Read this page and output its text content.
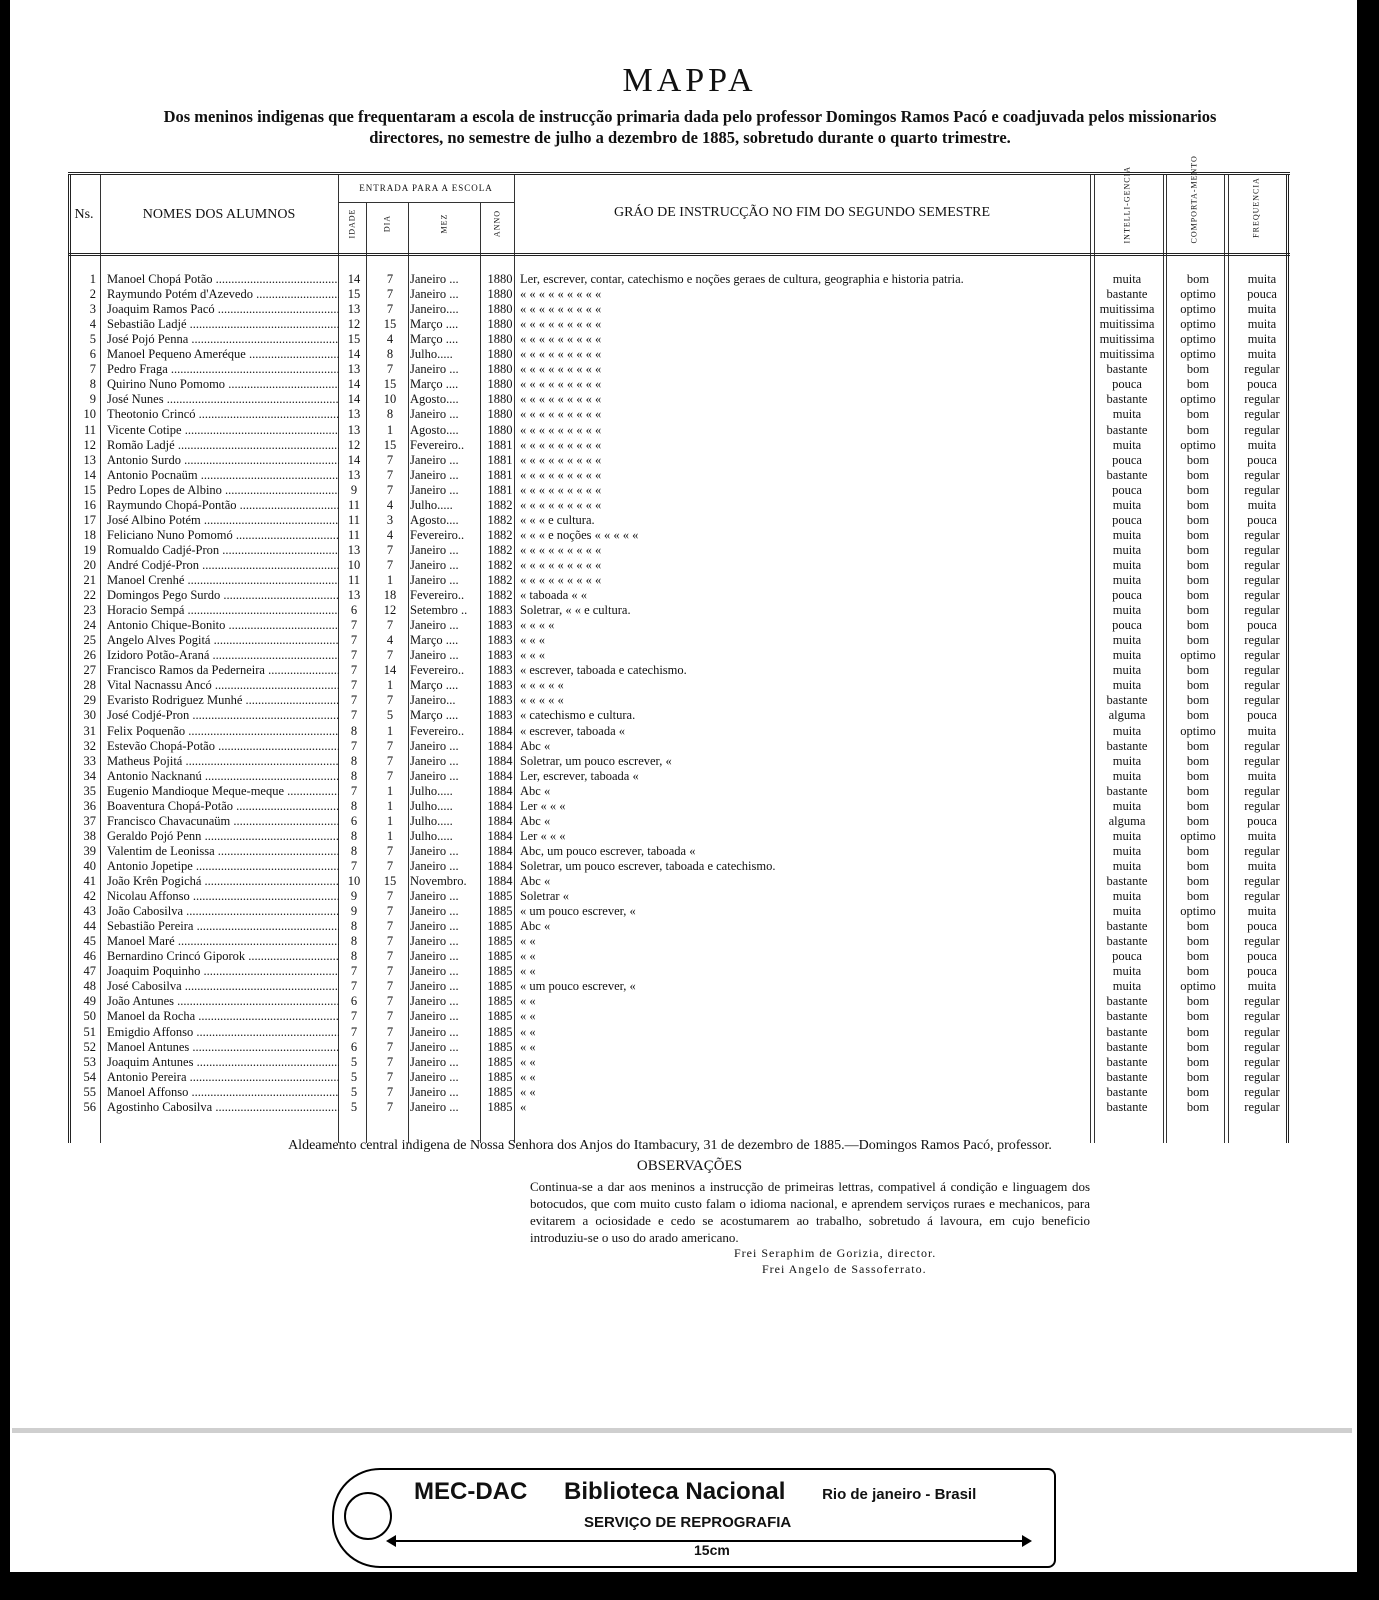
MAPPA
Dos meninos indigenas que frequentaram a escola de instrucção primaria dada pelo professor Domingos Ramos Pacó e coadjuvada pelos missionarios directores, no semestre de julho a dezembro de 1885, sobretudo durante o quarto trimestre.
Ns.	NOMES DOS ALUMNOS
ENTRADA PARA A ESCOLA
IDADE	DIA	MEZ	ANNO	GRÁO DE INSTRUCÇÃO NO FIM DO SEGUNDO SEMESTRE	INTELLI-GENCIA	COMPORTA-MENTO	FREQUENCIA
1 Manoel Chopá Potão .....	14	7	Janeiro ...	1880 Ler, escrever, contar, catechismo e noções geraes de cultura, geographia e historia patria.	muita	bom	muita
2 Raymundo Potém d'Azevedo .....	15	7	Janeiro ...	1880 « « « « « « « « «	bastante	optimo	pouca
3 Joaquim Ramos Pacó .....	13	7	Janeiro....	1880 « « « « « « « « «	muitissima	optimo	muita
4 Sebastião Ladjé .....	12	15	Março ....	1880 « « « « « « « « «	muitissima	optimo	muita
5 José Pojó Penna .....	15	4	Março ....	1880 « « « « « « « « «	muitissima	optimo	muita
6 Manoel Pequeno Ameréque .....	14	8	Julho.....	1880 « « « « « « « « «	muitissima	optimo	muita
7 Pedro Fraga .....	13	7	Janeiro ...	1880 « « « « « « « « «	bastante	bom	regular
8 Quirino Nuno Pomomo .....	14	15	Março ....	1880 « « « « « « « « «	pouca	bom	pouca
9 José Nunes .....	14	10	Agosto....	1880 « « « « « « « « «	bastante	optimo	regular
10 Theotonio Crincó .....	13	8	Janeiro ...	1880 « « « « « « « « «	muita	bom	regular
11 Vicente Cotipe .....	13	1	Agosto....	1880 « « « « « « « « «	bastante	bom	regular
12 Romão Ladjé .....	12	15	Fevereiro..	1881 « « « « « « « « «	muita	optimo	muita
13 Antonio Surdo .....	14	7	Janeiro ...	1881 « « « « « « « « «	pouca	bom	pouca
14 Antonio Pocnaüm .....	13	7	Janeiro ...	1881 « « « « « « « « «	bastante	bom	regular
15 Pedro Lopes de Albino .....	9	7	Janeiro ...	1881 « « « « « « « « «	pouca	bom	regular
16 Raymundo Chopá-Pontão .....	11	4	Julho.....	1882 « « « « « « « « «	muita	bom	muita
17 José Albino Potém .....	11	3	Agosto....	1882 « « « e cultura.	pouca	bom	pouca
18 Feliciano Nuno Pomomó .....	11	4	Fevereiro..	1882 « « « e noções « « « « «	muita	bom	regular
19 Romualdo Cadjé-Pron .....	13	7	Janeiro ...	1882 « « « « « « « « «	muita	bom	regular
20 André Codjé-Pron .....	10	7	Janeiro ...	1882 « « « « « « « « «	muita	bom	regular
21 Manoel Crenhé .....	11	1	Janeiro ...	1882 « « « « « « « « «	muita	bom	regular
22 Domingos Pego Surdo .....	13	18	Fevereiro..	1882 « taboada « «	pouca	bom	regular
23 Horacio Sempá .....	6	12	Setembro ..	1883 Soletrar, « « e cultura.	muita	bom	regular
24 Antonio Chique-Bonito .....	7	7	Janeiro ...	1883 « « « «	pouca	bom	pouca
25 Angelo Alves Pogitá .....	7	4	Março ....	1883 « « «	muita	bom	regular
26 Izidoro Potão-Araná .....	7	7	Janeiro ...	1883 « « «	muita	optimo	regular
27 Francisco Ramos da Pederneira .....	7	14	Fevereiro..	1883 « escrever, taboada e catechismo.	muita	bom	regular
28 Vital Nacnassu Ancó .....	7	1	Março ....	1883 « « « « «	muita	bom	regular
29 Evaristo Rodriguez Munhé .....	7	7	Janeiro...	1883 « « « « «	bastante	bom	regular
30 José Codjé-Pron .....	7	5	Março ....	1883 « catechismo e cultura.	alguma	bom	pouca
31 Felix Poquenão .....	8	1	Fevereiro..	1884 « escrever, taboada «	muita	optimo	muita
32 Estevão Chopá-Potão .....	7	7	Janeiro ...	1884 Abc «	bastante	bom	regular
33 Matheus Pojitá .....	8	7	Janeiro ...	1884 Soletrar, um pouco escrever, «	muita	bom	regular
34 Antonio Nacknanú .....	8	7	Janeiro ...	1884 Ler, escrever, taboada «	muita	bom	muita
35 Eugenio Mandioque Meque-meque .....	7	1	Julho.....	1884 Abc «	bastante	bom	regular
36 Boaventura Chopá-Potão .....	8	1	Julho.....	1884 Ler « « «	muita	bom	regular
37 Francisco Chavacunaüm .....	6	1	Julho.....	1884 Abc «	alguma	bom	pouca
38 Geraldo Pojó Penn .....	8	1	Julho.....	1884 Ler « « «	muita	optimo	muita
39 Valentim de Leonissa .....	8	7	Janeiro ...	1884 Abc, um pouco escrever, taboada «	muita	bom	regular
40 Antonio Jopetipe .....	7	7	Janeiro ...	1884 Soletrar, um pouco escrever, taboada e catechismo.	muita	bom	muita
41 João Krên Pogichá .....	10	15	Novembro.	1884 Abc «	bastante	bom	regular
42 Nicolau Affonso .....	9	7	Janeiro ...	1885 Soletrar «	muita	bom	regular
43 João Cabosilva .....	9	7	Janeiro ...	1885 « um pouco escrever, «	muita	optimo	muita
44 Sebastião Pereira .....	8	7	Janeiro ...	1885 Abc «	bastante	bom	pouca
45 Manoel Maré .....	8	7	Janeiro ...	1885 « «	bastante	bom	regular
46 Bernardino Crincó Giporok .....	8	7	Janeiro ...	1885 « «	pouca	bom	pouca
47 Joaquim Poquinho .....	7	7	Janeiro ...	1885 « «	muita	bom	pouca
48 José Cabosilva .....	7	7	Janeiro ...	1885 « um pouco escrever, «	muita	optimo	muita
49 João Antunes .....	6	7	Janeiro ...	1885 « «	bastante	bom	regular
50 Manoel da Rocha .....	7	7	Janeiro ...	1885 « «	bastante	bom	regular
51 Emigdio Affonso .....	7	7	Janeiro ...	1885 « «	bastante	bom	regular
52 Manoel Antunes .....	6	7	Janeiro ...	1885 « «	bastante	bom	regular
53 Joaquim Antunes .....	5	7	Janeiro ...	1885 « «	bastante	bom	regular
54 Antonio Pereira .....	5	7	Janeiro ...	1885 « «	bastante	bom	regular
55 Manoel Affonso .....	5	7	Janeiro ...	1885 « «	bastante	bom	regular
56 Agostinho Cabosilva .....	5	7	Janeiro ...	1885 «	bastante	bom	regular
Aldeamento central indigena de Nossa Senhora dos Anjos do Itambacury, 31 de dezembro de 1885.—Domingos Ramos Pacó, professor.
OBSERVAÇÕES
Continua-se a dar aos meninos a instrucção de primeiras lettras, compativel á condição e linguagem dos botocudos, que com muito custo falam o idioma nacional, e aprendem serviços ruraes e mechanicos, para evitarem a ociosidade e cedo se acostumarem ao trabalho, sobretudo á lavoura, em cujo beneficio introduziu-se o uso do arado americano.
Frei Seraphim de Gorizia, director.
Frei Angelo de Sassoferrato.
MEC-DAC Biblioteca Nacional Rio de janeiro - Brasil
SERVIÇO DE REPROGRAFIA
15cm
